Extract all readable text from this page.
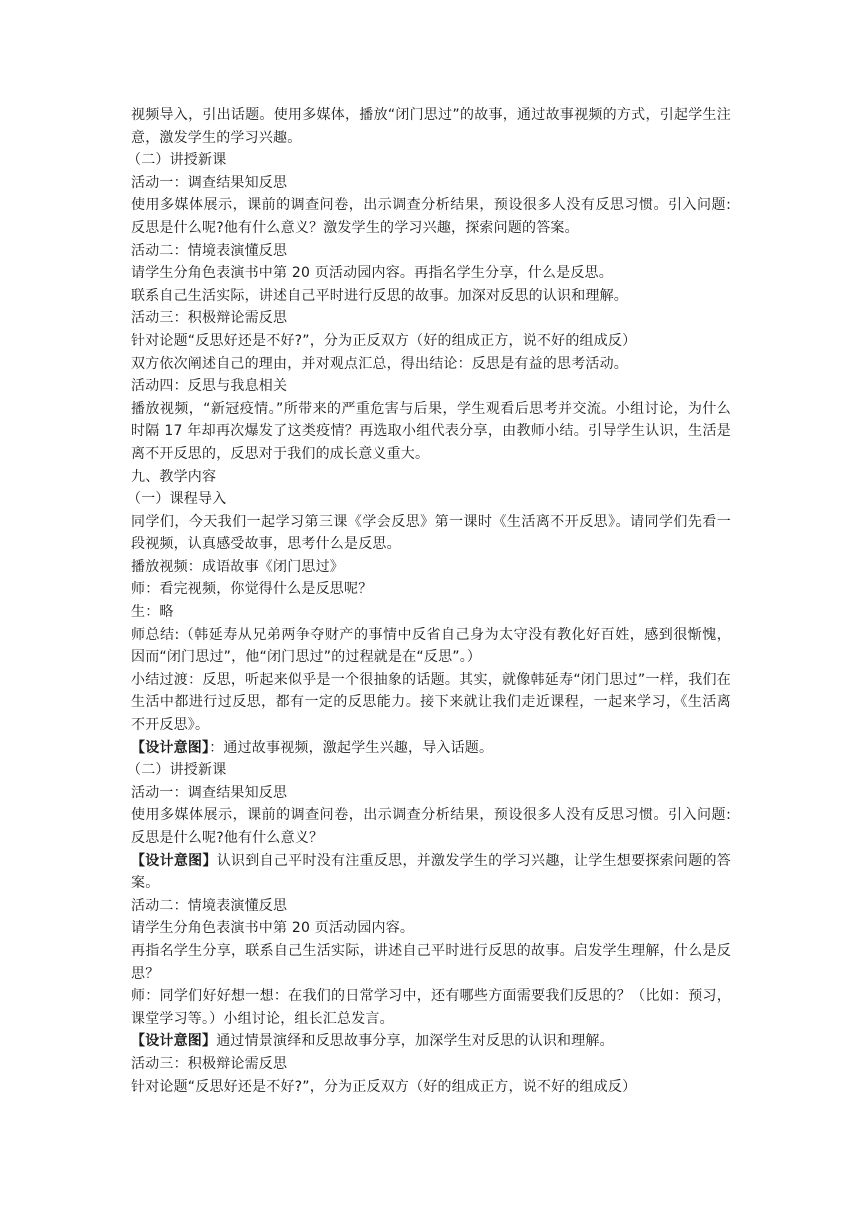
视频导入，引出话题。使用多媒体，播放“闭门思过”的故事，通过故事视频的方式，引起学生注意，激发学生的学习兴趣。

（二）讲授新课

活动一：调查结果知反思

使用多媒体展示，课前的调查问卷，出示调查分析结果，预设很多人没有反思习惯。引入问题:反思是什么呢?他有什么意义？激发学生的学习兴趣，探索问题的答案。

活动二：情境表演懂反思

请学生分角色表演书中第 20 页活动园内容。再指名学生分享，什么是反思。

联系自己生活实际，讲述自己平时进行反思的故事。加深对反思的认识和理解。

活动三：积极辩论需反思

针对论题“反思好还是不好?”，分为正反双方（好的组成正方，说不好的组成反）

双方依次阐述自己的理由，并对观点汇总，得出结论：反思是有益的思考活动。

活动四：反思与我息相关

播放视频，“新冠疫情。”所带来的严重危害与后果，学生观看后思考并交流。小组讨论，为什么时隔 17 年却再次爆发了这类疫情？再选取小组代表分享，由教师小结。引导学生认识，生活是离不开反思的，反思对于我们的成长意义重大。

九、教学内容

（一）课程导入

同学们，今天我们一起学习第三课《学会反思》第一课时《生活离不开反思》。请同学们先看一段视频，认真感受故事，思考什么是反思。

播放视频：成语故事《闭门思过》

师：看完视频，你觉得什么是反思呢？

生：略

师总结:（韩延寿从兄弟两争夺财产的事情中反省自己身为太守没有教化好百姓，感到很惭愧，因而“闭门思过”，他“闭门思过”的过程就是在“反思”。）

小结过渡：反思，听起来似乎是一个很抽象的话题。其实，就像韩延寿“闭门思过”一样，我们在生活中都进行过反思，都有一定的反思能力。接下来就让我们走近课程，一起来学习，《生活离不开反思》。

【设计意图】：通过故事视频，激起学生兴趣，导入话题。

（二）讲授新课

活动一：调查结果知反思

使用多媒体展示，课前的调查问卷，出示调查分析结果，预设很多人没有反思习惯。引入问题:反思是什么呢?他有什么意义？

【设计意图】认识到自己平时没有注重反思，并激发学生的学习兴趣，让学生想要探索问题的答案。

活动二：情境表演懂反思

请学生分角色表演书中第 20 页活动园内容。

再指名学生分享，联系自己生活实际，讲述自己平时进行反思的故事。启发学生理解，什么是反思？

师：同学们好好想一想：在我们的日常学习中，还有哪些方面需要我们反思的？（比如：预习，课堂学习等。）小组讨论，组长汇总发言。

【设计意图】通过情景演绎和反思故事分享，加深学生对反思的认识和理解。

活动三：积极辩论需反思

针对论题“反思好还是不好?”，分为正反双方（好的组成正方，说不好的组成反）
